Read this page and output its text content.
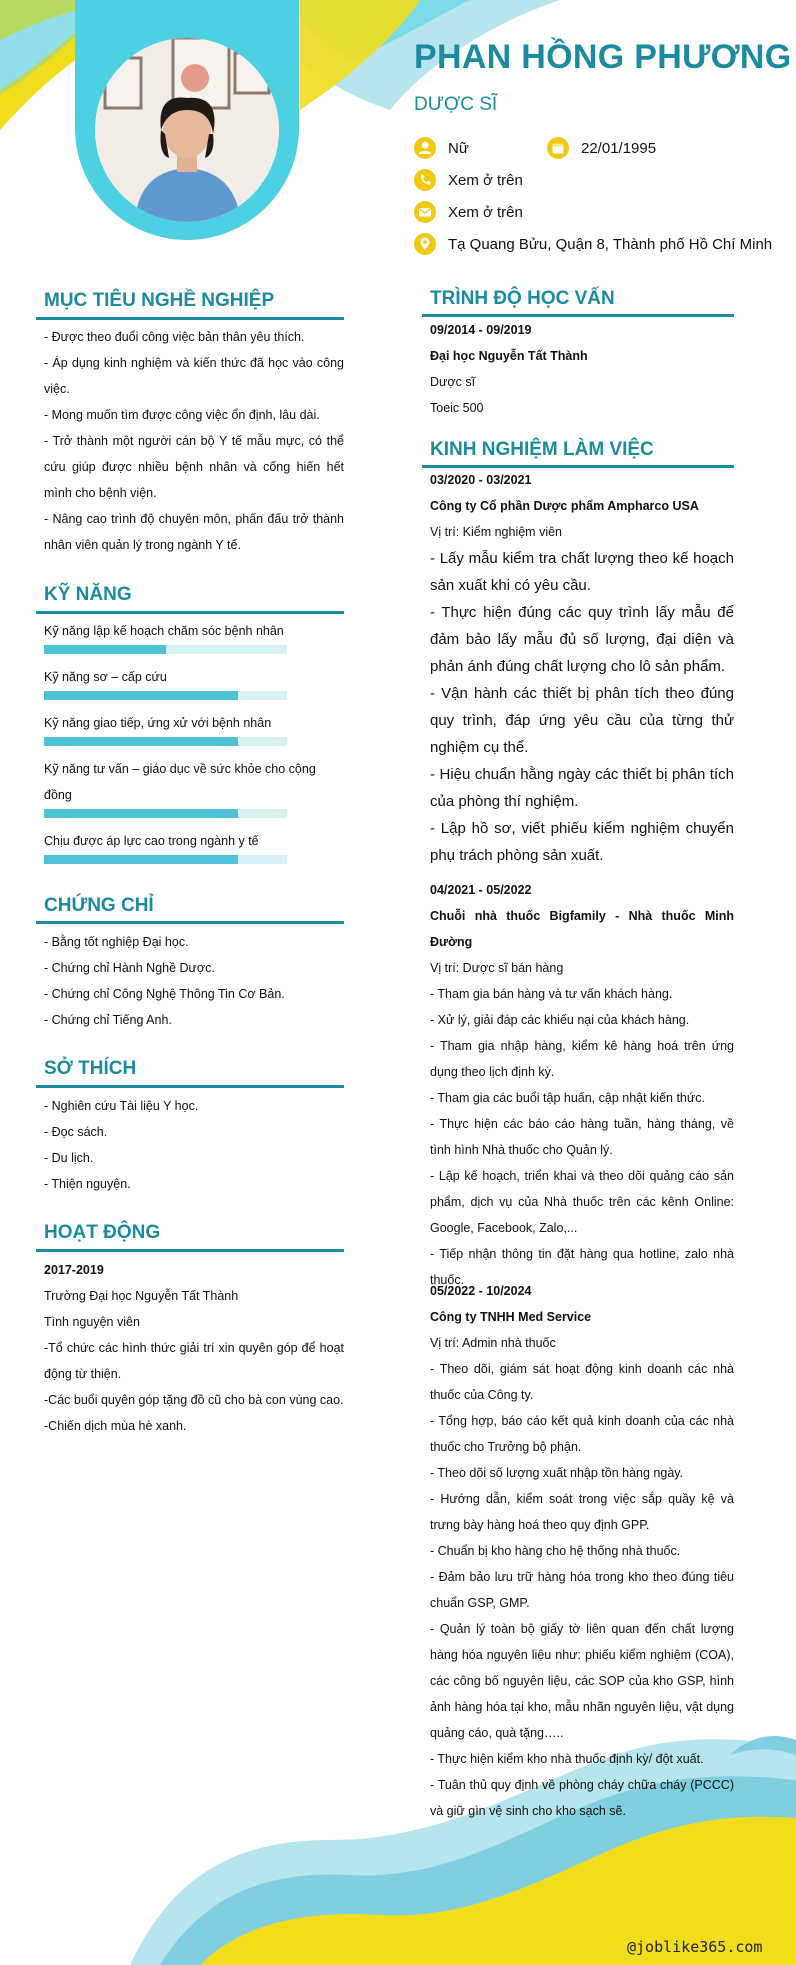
PHAN HỒNG PHƯƠNG
DƯỢC SĨ
Nữ	22/01/1995
Xem ở trên
Xem ở trên
Tạ Quang Bửu, Quận 8, Thành phố Hồ Chí Minh
MỤC TIÊU NGHỀ NGHIỆP

- Được theo đuổi công việc bản thân yêu thích.

- Áp dụng kinh nghiệm và kiến thức đã học vào công việc.

- Mong muốn tìm được công việc ổn định, lâu dài.

- Trở thành một người cán bộ Y tế mẫu mực, có thể cứu giúp được nhiều bệnh nhân và cống hiến hết mình cho bệnh viện.

- Nâng cao trình độ chuyên môn, phấn đấu trở thành nhân viên quản lý trong ngành Y tế.

KỸ NĂNG
Kỹ năng lập kế hoạch chăm sóc bệnh nhân
Kỹ năng sơ – cấp cứu
Kỹ năng giao tiếp, ứng xử với bệnh nhân
Kỹ năng tư vấn – giáo dục về sức khỏe cho cộng đồng
Chịu được áp lực cao trong ngành y tế
CHỨNG CHỈ

- Bằng tốt nghiệp Đại học.

- Chứng chỉ Hành Nghề Dược.

- Chứng chỉ Công Nghệ Thông Tin Cơ Bản.

- Chứng chỉ Tiếng Anh.

SỞ THÍCH

- Nghiên cứu Tài liệu Y học.

- Đọc sách.

- Du lịch.

- Thiện nguyện.

HOẠT ĐỘNG

2017-2019

Trường Đại học Nguyễn Tất Thành

Tình nguyện viên

-Tổ chức các hình thức giải trí xin quyên góp để hoạt động từ thiện.

-Các buổi quyên góp tặng đồ cũ cho bà con vùng cao.

-Chiến dịch mùa hè xanh.

TRÌNH ĐỘ HỌC VẤN

09/2014 - 09/2019

Đại học Nguyễn Tất Thành

Dược sĩ

Toeic 500

KINH NGHIỆM LÀM VIỆC

03/2020 - 03/2021

Công ty Cổ phần Dược phẩm Ampharco USA

Vị trí: Kiểm nghiệm viên

- Lấy mẫu kiểm tra chất lượng theo kế hoạch sản xuất khi có yêu cầu.

- Thực hiện đúng các quy trình lấy mẫu để đảm bảo lấy mẫu đủ số lượng, đại diện và phản ánh đúng chất lượng cho lô sản phẩm.

- Vận hành các thiết bị phân tích theo đúng quy trình, đáp ứng yêu cầu của từng thử nghiệm cụ thể.

- Hiệu chuẩn hằng ngày các thiết bị phân tích của phòng thí nghiệm.

- Lập hồ sơ, viết phiếu kiểm nghiệm chuyển phụ trách phòng sản xuất.

04/2021 - 05/2022

Chuỗi nhà thuốc Bigfamily - Nhà thuốc Minh Đường

Vị trí: Dược sĩ bán hàng

- Tham gia bán hàng và tư vấn khách hàng.

- Xử lý, giải đáp các khiếu nại của khách hàng.

- Tham gia nhập hàng, kiểm kê hàng hoá trên ứng dụng theo lịch định kỳ.

- Tham gia các buổi tập huấn, cập nhật kiến thức.

- Thực hiện các báo cáo hàng tuần, hàng tháng, về tình hình Nhà thuốc cho Quản lý.

- Lập kế hoạch, triển khai và theo dõi quảng cáo sản phẩm, dịch vụ của Nhà thuốc trên các kênh Online: Google, Facebook, Zalo,...

- Tiếp nhận thông tin đặt hàng qua hotline, zalo nhà thuốc.

05/2022 - 10/2024

Công ty TNHH Med Service

Vị trí: Admin nhà thuốc

- Theo dõi, giám sát hoạt động kinh doanh các nhà thuốc của Công ty.

- Tổng hợp, báo cáo kết quả kinh doanh của các nhà thuốc cho Trưởng bộ phận.

- Theo dõi số lượng xuất nhập tồn hàng ngày.

- Hướng dẫn, kiểm soát trong việc sắp quầy kệ và trưng bày hàng hoá theo quy định GPP.

- Chuẩn bị kho hàng cho hệ thống nhà thuốc.

- Đảm bảo lưu trữ hàng hóa trong kho theo đúng tiêu chuẩn GSP, GMP.

- Quản lý toàn bộ giấy tờ liên quan đến chất lượng hàng hóa nguyên liệu như: phiếu kiểm nghiệm (COA), các công bố nguyên liệu, các SOP của kho GSP, hình ảnh hàng hóa tại kho, mẫu nhãn nguyên liệu, vật dụng quảng cáo, quà tặng…..

- Thực hiện kiểm kho nhà thuốc định kỳ/ đột xuất.

- Tuân thủ quy định về phòng cháy chữa cháy (PCCC) và giữ gìn vệ sinh cho kho sạch sẽ.

@joblike365.com
